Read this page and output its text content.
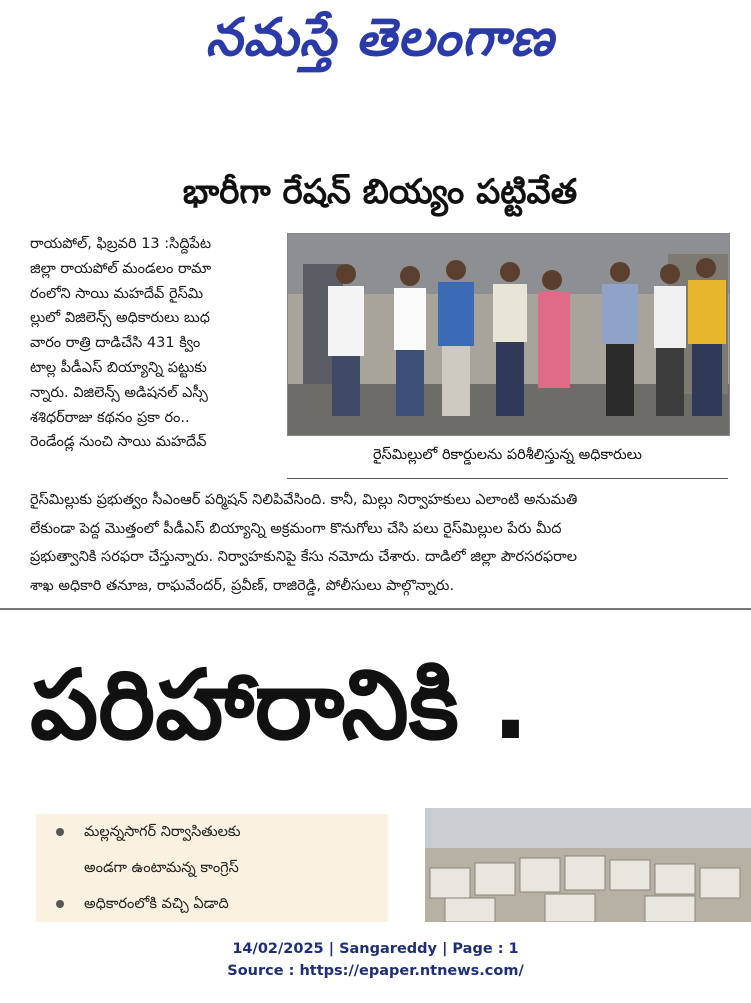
నమస్తే తెలంగాణ
భారీగా రేషన్ బియ్యం పట్టివేత
రాయపోల్, ఫిబ్రవరి 13 :సిద్దిపేట
జిల్లా రాయపోల్ మండలం రామా
రంలోని సాయి మహదేవ్ రైస్‌మి
ల్లులో విజిలెన్స్ అధికారులు బుధ
వారం రాత్రి దాడిచేసి 431 క్విం
టాల్ల పీడీఎస్ బియ్యాన్ని పట్టుకు
న్నారు. విజిలెన్స్ అడిషనల్ ఎస్సీ
శశిధర్‌రాజు కథనం ప్రకా రం..
రెండేండ్ల నుంచి సాయి మహదేవ్
రైస్‌మిల్లులో రికార్డులను పరిశీలిస్తున్న అధికారులు
రైస్‌మిల్లుకు ప్రభుత్వం సీఎంఆర్ పర్మిషన్ నిలిపివేసింది. కానీ, మిల్లు నిర్వాహకులు ఎలాంటి అనుమతి
లేకుండా పెద్ద మొత్తంలో పీడీఎస్ బియ్యాన్ని అక్రమంగా కొనుగోలు చేసి పలు రైస్‌మిల్లుల పేరు మీద
ప్రభుత్వానికి సరఫరా చేస్తున్నారు. నిర్వాహకునిపై కేసు నమోదు చేశారు. దాడిలో జిల్లా పౌరసరఫరాల
శాఖ అధికారి తనూజ, రాఘవేందర్, ప్రవీణ్, రాజిరెడ్డి, పోలీసులు పాల్గొన్నారు.
పరిహారానికి .
మల్లన్నసాగర్ నిర్వాసితులకు
అండగా ఉంటామన్న కాంగ్రెస్
అధికారంలోకి వచ్చి ఏడాది
14/02/2025 | Sangareddy | Page : 1
Source : https://epaper.ntnews.com/
